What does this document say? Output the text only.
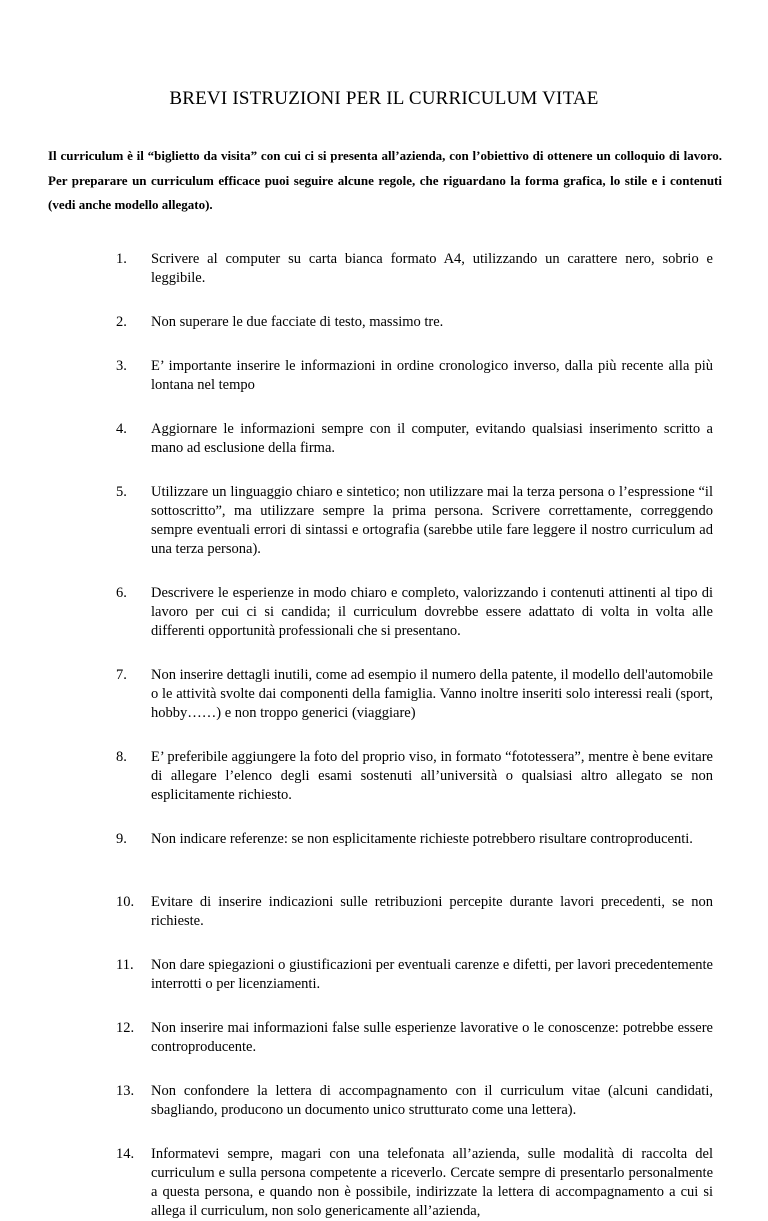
BREVI ISTRUZIONI PER IL CURRICULUM VITAE

Il curriculum è il “biglietto da visita” con cui ci si presenta all’azienda, con l’obiettivo di ottenere un colloquio di lavoro. Per preparare un curriculum efficace puoi seguire alcune regole, che riguardano la forma grafica, lo stile e i contenuti (vedi anche modello allegato).

1. Scrivere al computer su carta bianca formato A4, utilizzando un carattere nero, sobrio e leggibile.
2. Non superare le due facciate di testo, massimo tre.
3. E’ importante inserire le informazioni in ordine cronologico inverso, dalla più recente alla più lontana nel tempo
4. Aggiornare le informazioni sempre con il computer, evitando qualsiasi inserimento scritto a mano ad esclusione della firma.
5. Utilizzare un linguaggio chiaro e sintetico; non utilizzare mai la terza persona o l’espressione “il sottoscritto”, ma utilizzare sempre la prima persona. Scrivere correttamente, correggendo sempre eventuali errori di sintassi e ortografia (sarebbe utile fare leggere il nostro curriculum ad una terza persona).
6. Descrivere le esperienze in modo chiaro e completo, valorizzando i contenuti attinenti al tipo di lavoro per cui ci si candida; il curriculum dovrebbe essere adattato di volta in volta alle differenti opportunità professionali che si presentano.
7. Non inserire dettagli inutili, come ad esempio il numero della patente, il modello dell'automobile o le attività svolte dai componenti della famiglia. Vanno inoltre inseriti solo interessi reali (sport, hobby……) e non troppo generici (viaggiare)
8. E’ preferibile aggiungere la foto del proprio viso, in formato “fototessera”, mentre è bene evitare di allegare l’elenco degli esami sostenuti all’università o qualsiasi altro allegato se non esplicitamente richiesto.
9. Non indicare referenze: se non esplicitamente richieste potrebbero risultare controproducenti.
10. Evitare di inserire indicazioni sulle retribuzioni percepite durante lavori precedenti, se non richieste.
11. Non dare spiegazioni o giustificazioni per eventuali carenze e difetti, per lavori precedentemente interrotti o per licenziamenti.
12. Non inserire mai informazioni false sulle esperienze lavorative o le conoscenze: potrebbe essere controproducente.
13. Non confondere la lettera di accompagnamento con il curriculum vitae (alcuni candidati, sbagliando, producono un documento unico strutturato come una lettera).
14. Informatevi sempre, magari con una telefonata all’azienda, sulle modalità di raccolta del curriculum e sulla persona competente a riceverlo. Cercate sempre di presentarlo personalmente a questa persona, e quando non è possibile, indirizzate la lettera di accompagnamento a cui si allega il curriculum, non solo genericamente all’azienda,
